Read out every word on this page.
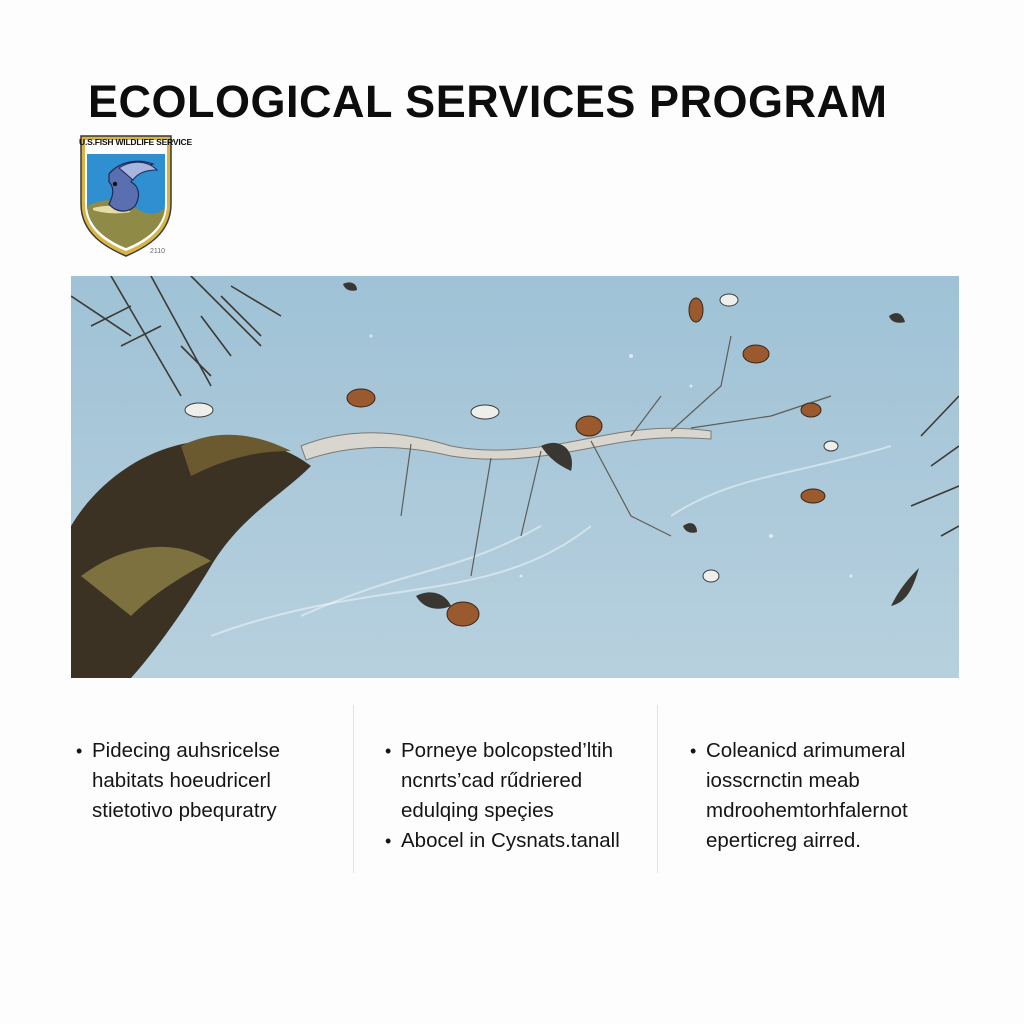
ECOLOGICAL SERVICES PROGRAM
U.S.FISH WILDLIFE SERVICE
2110
• Pidecing auhsricelse habitats hoeudricerl stietotivo pbequratry
• Porneye bolcopsted’ltih ncnrts’cad rűdriered edulqing speçies
• Abocel in Cysnats.tanall
• Coleanicd arimumeral iosscrnctin meab mdroohemtorhfalernot eperticreg airred.
